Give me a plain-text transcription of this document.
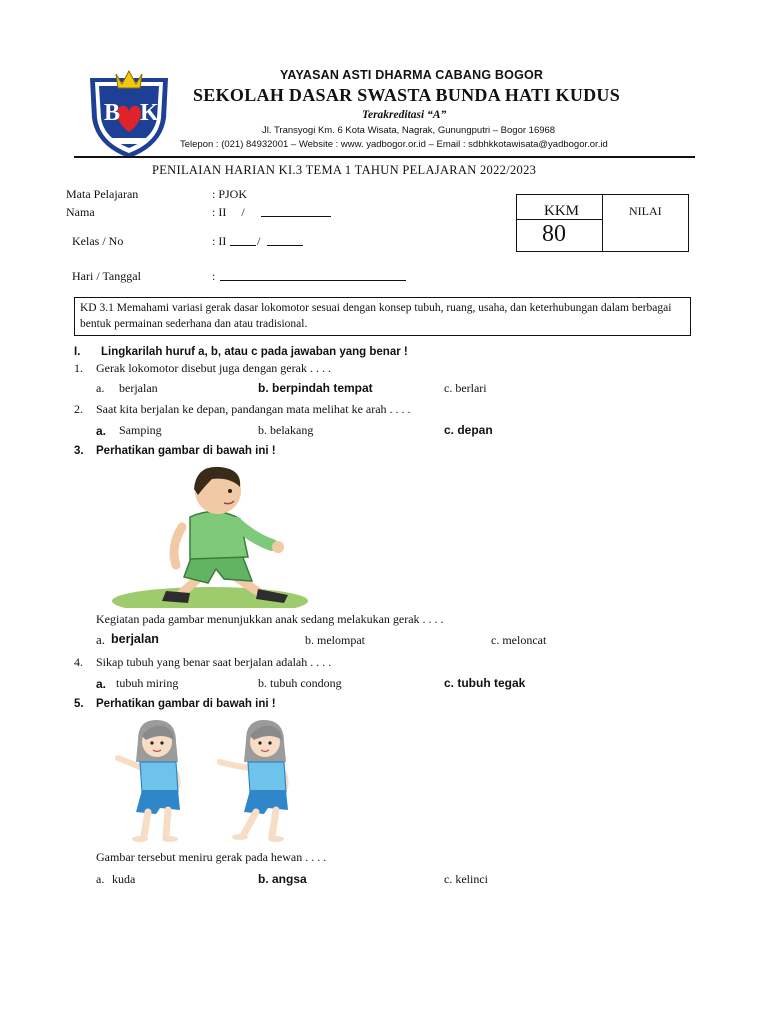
B K
YAYASAN ASTI DHARMA CABANG BOGOR
SEKOLAH DASAR SWASTA BUNDA HATI KUDUS
Terakreditasi “A”
Jl. Transyogi Km. 6 Kota Wisata, Nagrak, Gunungputri – Bogor 16968
Telepon : (021) 84932001 – Website : www. yadbogor.or.id – Email : sdbhkkotawisata@yadbogor.or.id
PENILAIAN HARIAN KI.3 TEMA 1 TAHUN PELAJARAN 2022/2023
Mata Pelajaran	: PJOK
Nama	: II     /
Kelas / No	: II	/
Hari / Tanggal	:
KKM	NILAI
80
KD 3.1 Memahami variasi gerak dasar lokomotor sesuai dengan konsep tubuh, ruang, usaha, dan keterhubungan dalam berbagai bentuk permainan sederhana dan atau tradisional.
I. Lingkarilah huruf a, b, atau c pada jawaban yang benar !
1. Gerak lokomotor disebut juga dengan gerak . . . .
a. berjalan	b. berpindah tempat	c. berlari
2. Saat kita berjalan ke depan, pandangan mata melihat ke arah . . . .
a. Samping	b. belakang	c. depan
3. Perhatikan gambar di bawah ini !
Kegiatan pada gambar menunjukkan anak sedang melakukan gerak . . . .
a. berjalan	b. melompat	c. meloncat
4. Sikap tubuh yang benar saat berjalan adalah . . . .
a. tubuh miring	b. tubuh condong	c. tubuh tegak
5. Perhatikan gambar di bawah ini !
Gambar tersebut meniru gerak pada hewan . . . .
a. kuda	b. angsa	c. kelinci
